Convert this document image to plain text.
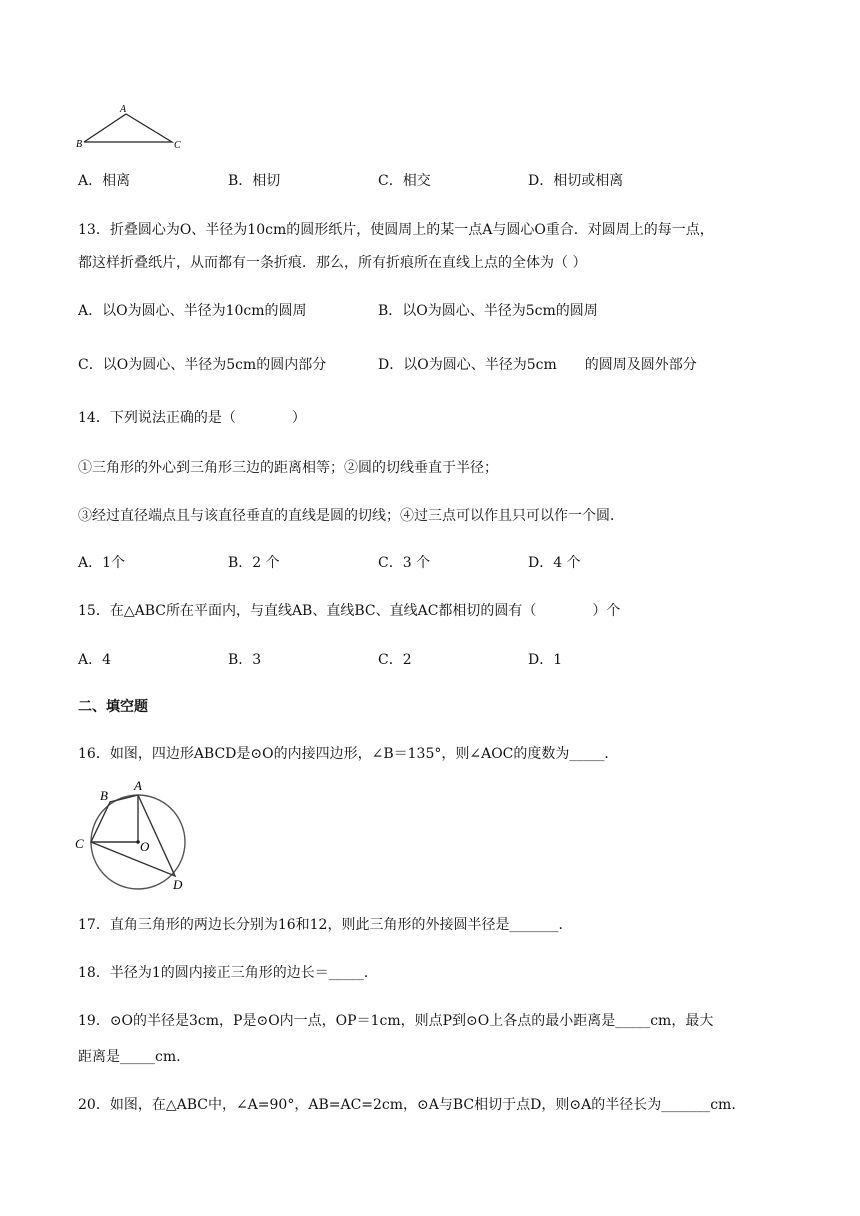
A
B	C
A．相离	B．相切	C．相交	D．相切或相离
13．折叠圆心为O、半径为10cm的圆形纸片，使圆周上的某一点A与圆心O重合．对圆周上的每一点，
都这样折叠纸片，从而都有一条折痕．那么，所有折痕所在直线上点的全体为（ ）
A．以O为圆心、半径为10cm的圆周	B．以O为圆心、半径为5cm的圆周
C．以O为圆心、半径为5cm的圆内部分	D．以O为圆心、半径为5cm　　的圆周及圆外部分
14．下列说法正确的是（　　　　）
①三角形的外心到三角形三边的距离相等；②圆的切线垂直于半径；
③经过直径端点且与该直径垂直的直线是圆的切线；④过三点可以作且只可以作一个圆．
A．1个	B．2 个	C．3 个	D．4 个
15．在△ABC所在平面内，与直线AB、直线BC、直线AC都相切的圆有（　　　　）个
A．4	B．3	C．2	D．1
二、填空题
16．如图，四边形ABCD是⊙O的内接四边形，∠B＝135°，则∠AOC的度数为_____．
A
B
C	O
D
17．直角三角形的两边长分别为16和12，则此三角形的外接圆半径是_______．
18．半径为1的圆内接正三角形的边长＝_____.
19．⊙O的半径是3cm，P是⊙O内一点，OP＝1cm，则点P到⊙O上各点的最小距离是_____cm，最大
距离是_____cm.
20．如图，在△ABC中，∠A=90°，AB=AC=2cm，⊙A与BC相切于点D，则⊙A的半径长为_______cm.
